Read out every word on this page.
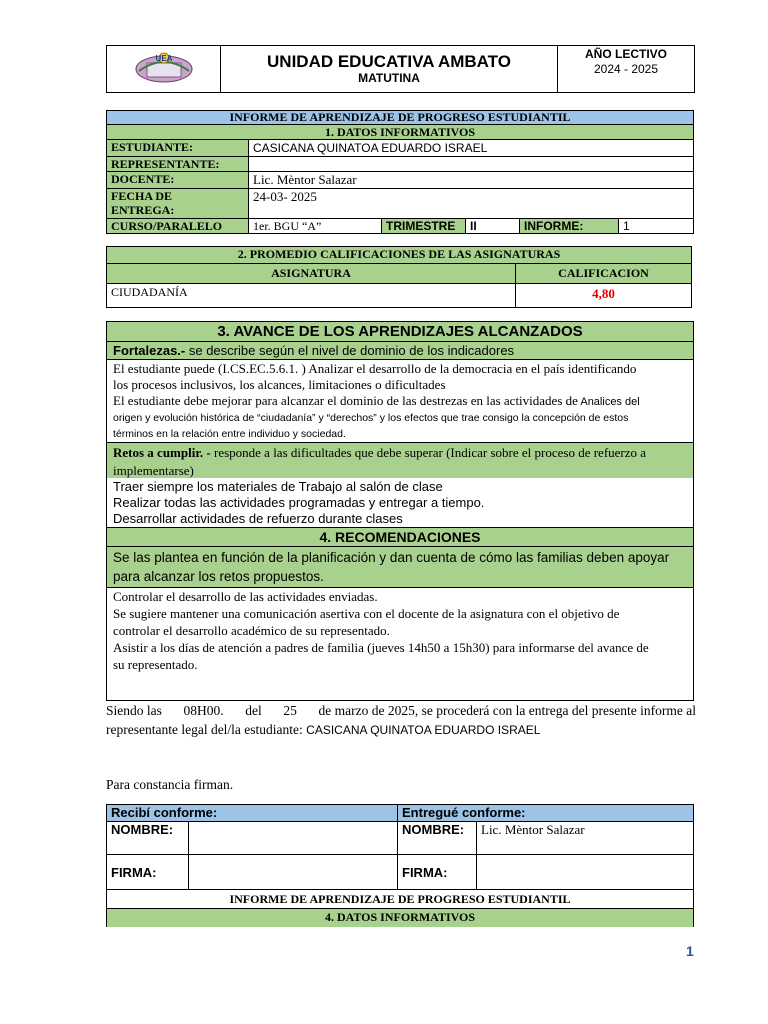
UEA	UNIDAD EDUCATIVA AMBATO
MATUTINA

AÑO LECTIVO
2024 - 2025
INFORME DE APRENDIZAJE DE PROGRESO ESTUDIANTIL					
1. DATOS INFORMATIVOS					
ESTUDIANTE:	CASICANA QUINATOA EDUARDO ISRAEL				
REPRESENTANTE:					
DOCENTE:	Lic. Mèntor Salazar				

FECHA DE
ENTREGA:	24-03- 2025				
CURSO/PARALELO	1er. BGU “A”	TRIMESTRE	II	INFORME:	1
2. PROMEDIO CALIFICACIONES DE LAS ASIGNATURAS	
ASIGNATURA	CALIFICACION
CIUDADANÍA	4,80
3. AVANCE DE LOS APRENDIZAJES ALCANZADOS
Fortalezas.- se describe según el nivel de dominio de los indicadores
El estudiante puede (I.CS.EC.5.6.1. ) Analizar el desarrollo de la democracia en el país identificando
los procesos inclusivos, los alcances, limitaciones o dificultades
El estudiante debe mejorar para alcanzar el dominio de las destrezas en las actividades de Analices del
origen y evolución histórica de “ciudadanía” y “derechos” y los efectos que trae consigo la concepción de estos
términos en la relación entre individuo y sociedad.
Retos a cumplir. - responde a las dificultades que debe superar (Indicar sobre el proceso de refuerzo a
implementarse)
Traer siempre los materiales de Trabajo al salón de clase
Realizar todas las actividades programadas y entregar a tiempo.
Desarrollar actividades de refuerzo durante clases
4. RECOMENDACIONES
Se las plantea en función de la planificación y dan cuenta de cómo las familias deben apoyar
para alcanzar los retos propuestos.
Controlar el desarrollo de las actividades enviadas.
Se sugiere mantener una comunicación asertiva con el docente de la asignatura con el objetivo de
controlar el desarrollo académico de su representado.
Asistir a los días de atención a padres de familia (jueves 14h50 a 15h30) para informarse del avance de
su representado.
Siendo las 08H00. del 25 de marzo de 2025, se procederá con la entrega del presente informe al
representante legal del/la estudiante: CASICANA QUINATOA EDUARDO ISRAEL
Para constancia firman.
Recibí conforme:		Entregué conforme:	
NOMBRE:		NOMBRE:	Lic. Mèntor Salazar
FIRMA:		FIRMA:	
INFORME DE APRENDIZAJE DE PROGRESO ESTUDIANTIL			
4. DATOS INFORMATIVOS			
1
